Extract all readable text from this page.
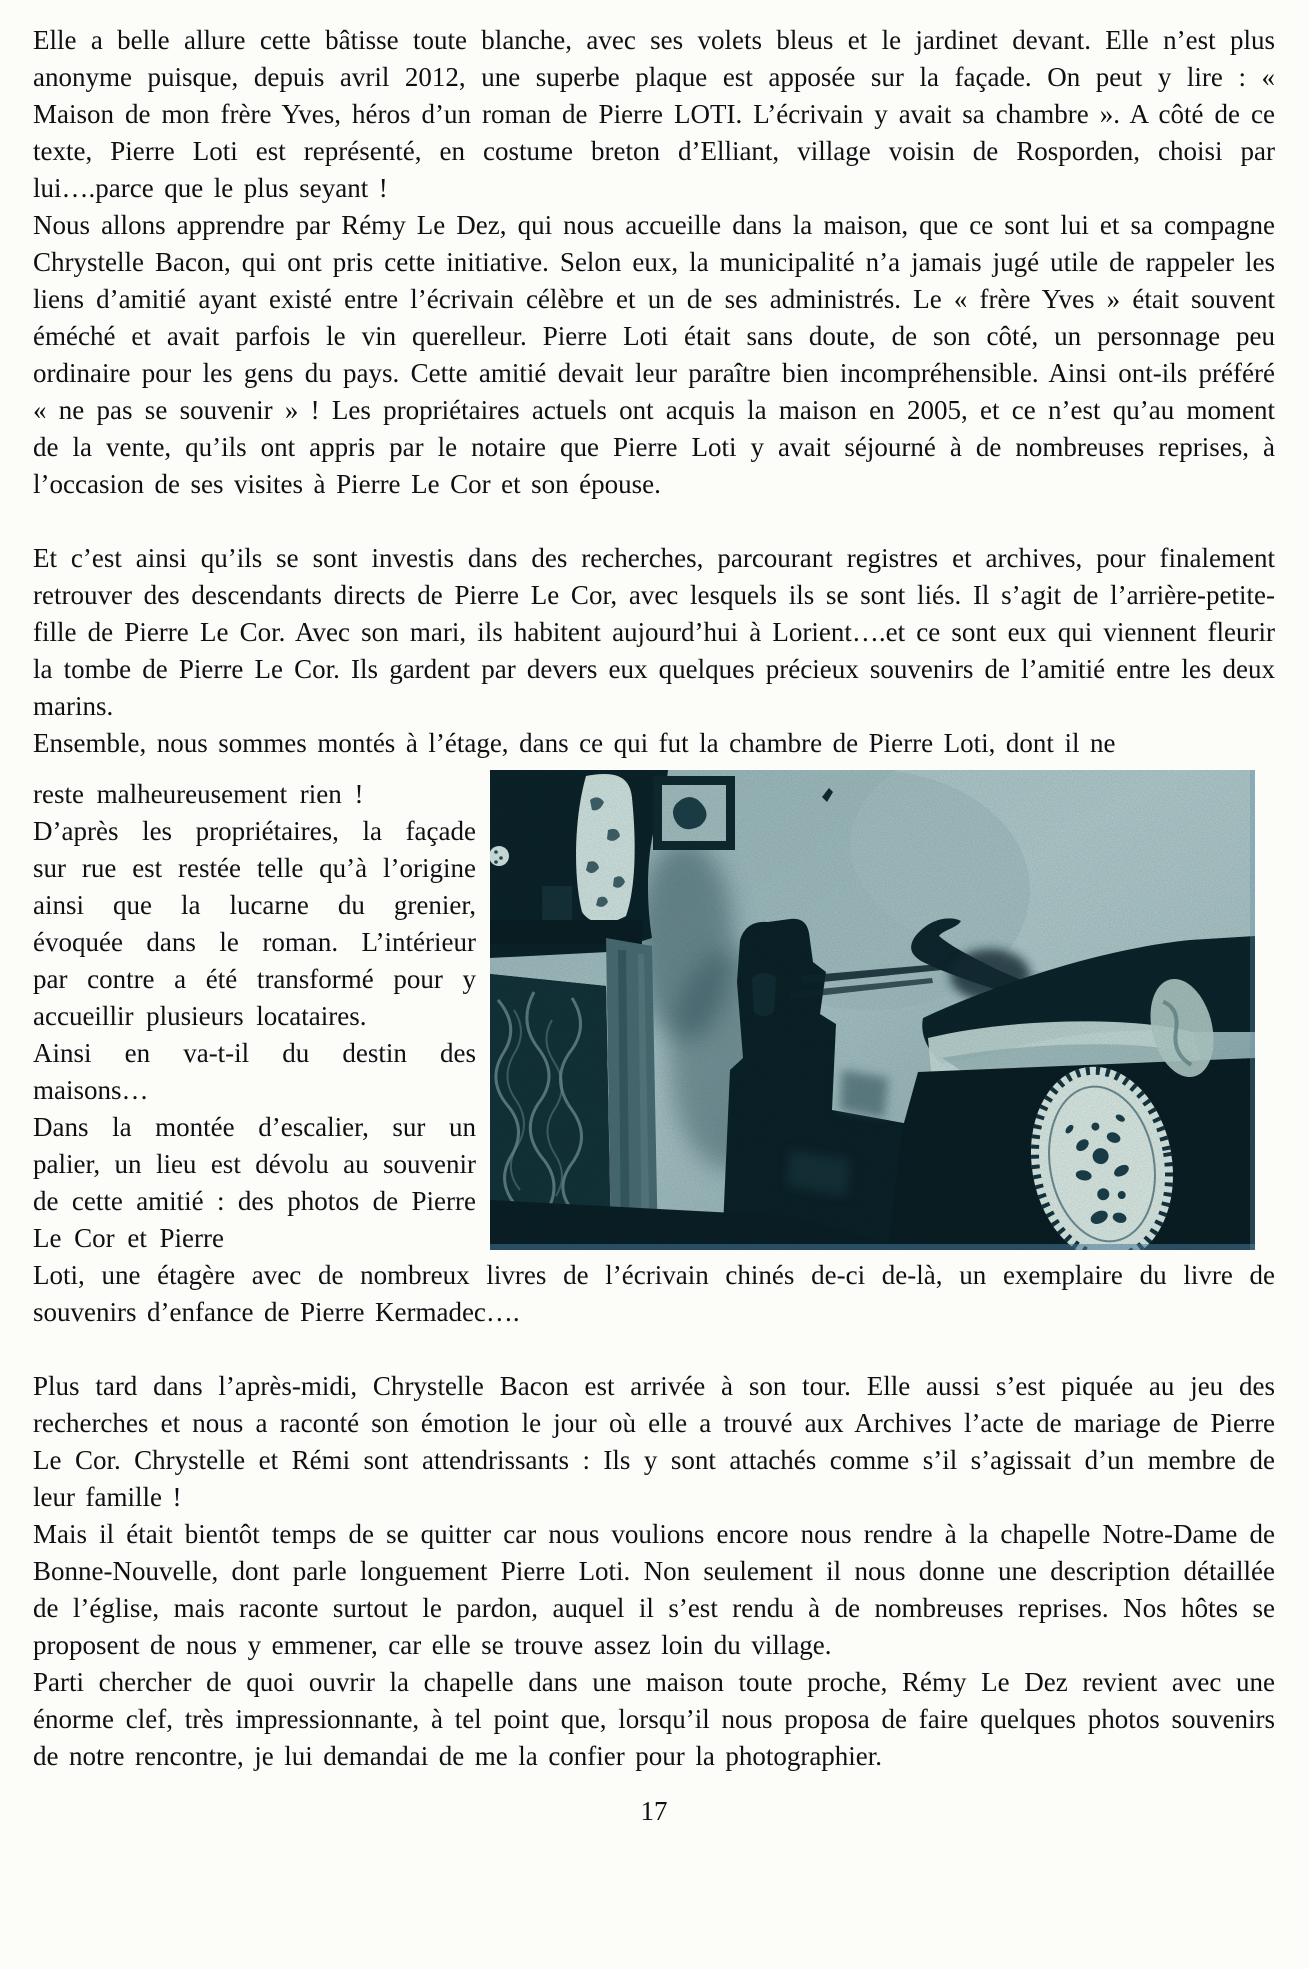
Elle a belle allure cette bâtisse toute blanche, avec ses volets bleus et le jardinet devant. Elle n’est plus anonyme puisque, depuis avril 2012, une superbe plaque est apposée sur la façade. On peut y lire : « Maison de mon frère Yves, héros d’un roman de Pierre LOTI. L’écrivain y avait sa chambre ». A côté de ce texte, Pierre Loti est représenté, en costume breton d’Elliant, village voisin de Rosporden, choisi par lui….parce que le plus seyant !

Nous allons apprendre par Rémy Le Dez, qui nous accueille dans la maison, que ce sont lui et sa compagne Chrystelle Bacon, qui ont pris cette initiative. Selon eux, la municipalité n’a jamais jugé utile de rappeler les liens d’amitié ayant existé entre l’écrivain célèbre et un de ses administrés. Le « frère Yves » était souvent éméché et avait parfois le vin querelleur. Pierre Loti était sans doute, de son côté, un personnage peu ordinaire pour les gens du pays. Cette amitié devait leur paraître bien incompréhensible. Ainsi ont-ils préféré « ne pas se souvenir » ! Les propriétaires actuels ont acquis la maison en 2005, et ce n’est qu’au moment de la vente, qu’ils ont appris par le notaire que Pierre Loti y avait séjourné à de nombreuses reprises, à l’occasion de ses visites à Pierre Le Cor et son épouse.

Et c’est ainsi qu’ils se sont investis dans des recherches, parcourant registres et archives, pour finalement retrouver des descendants directs de Pierre Le Cor, avec lesquels ils se sont liés. Il s’agit de l’arrière-petite-fille de Pierre Le Cor. Avec son mari, ils habitent aujourd’hui à Lorient….et ce sont eux qui viennent fleurir la tombe de Pierre Le Cor. Ils gardent par devers eux quelques précieux souvenirs de l’amitié entre les deux marins.

Ensemble, nous sommes montés à l’étage, dans ce qui fut la chambre de Pierre Loti, dont il ne

reste malheureusement rien !

D’après les propriétaires, la façade sur rue est restée telle qu’à l’origine ainsi que la lucarne du grenier, évoquée dans le roman. L’intérieur par contre a été transformé pour y accueillir plusieurs locataires.

Ainsi en va-t-il du destin des maisons…

Dans la montée d’escalier, sur un palier, un lieu est dévolu au souvenir de cette amitié : des photos de Pierre Le Cor et Pierre

Loti, une étagère avec de nombreux livres de l’écrivain chinés de-ci de-là, un exemplaire du livre de souvenirs d’enfance de Pierre Kermadec….

Plus tard dans l’après-midi, Chrystelle Bacon est arrivée à son tour. Elle aussi s’est piquée au jeu des recherches et nous a raconté son émotion le jour où elle a trouvé aux Archives l’acte de mariage de Pierre Le Cor. Chrystelle et Rémi sont attendrissants : Ils y sont attachés comme s’il s’agissait d’un membre de leur famille !

Mais il était bientôt temps de se quitter car nous voulions encore nous rendre à la chapelle Notre-Dame de Bonne-Nouvelle, dont parle longuement Pierre Loti. Non seulement il nous donne une description détaillée de l’église, mais raconte surtout le pardon, auquel il s’est rendu à de nombreuses reprises. Nos hôtes se proposent de nous y emmener, car elle se trouve assez loin du village.

Parti chercher de quoi ouvrir la chapelle dans une maison toute proche, Rémy Le Dez revient avec une énorme clef, très impressionnante, à tel point que, lorsqu’il nous proposa de faire quelques photos souvenirs de notre rencontre, je lui demandai de me la confier pour la photographier.

17
